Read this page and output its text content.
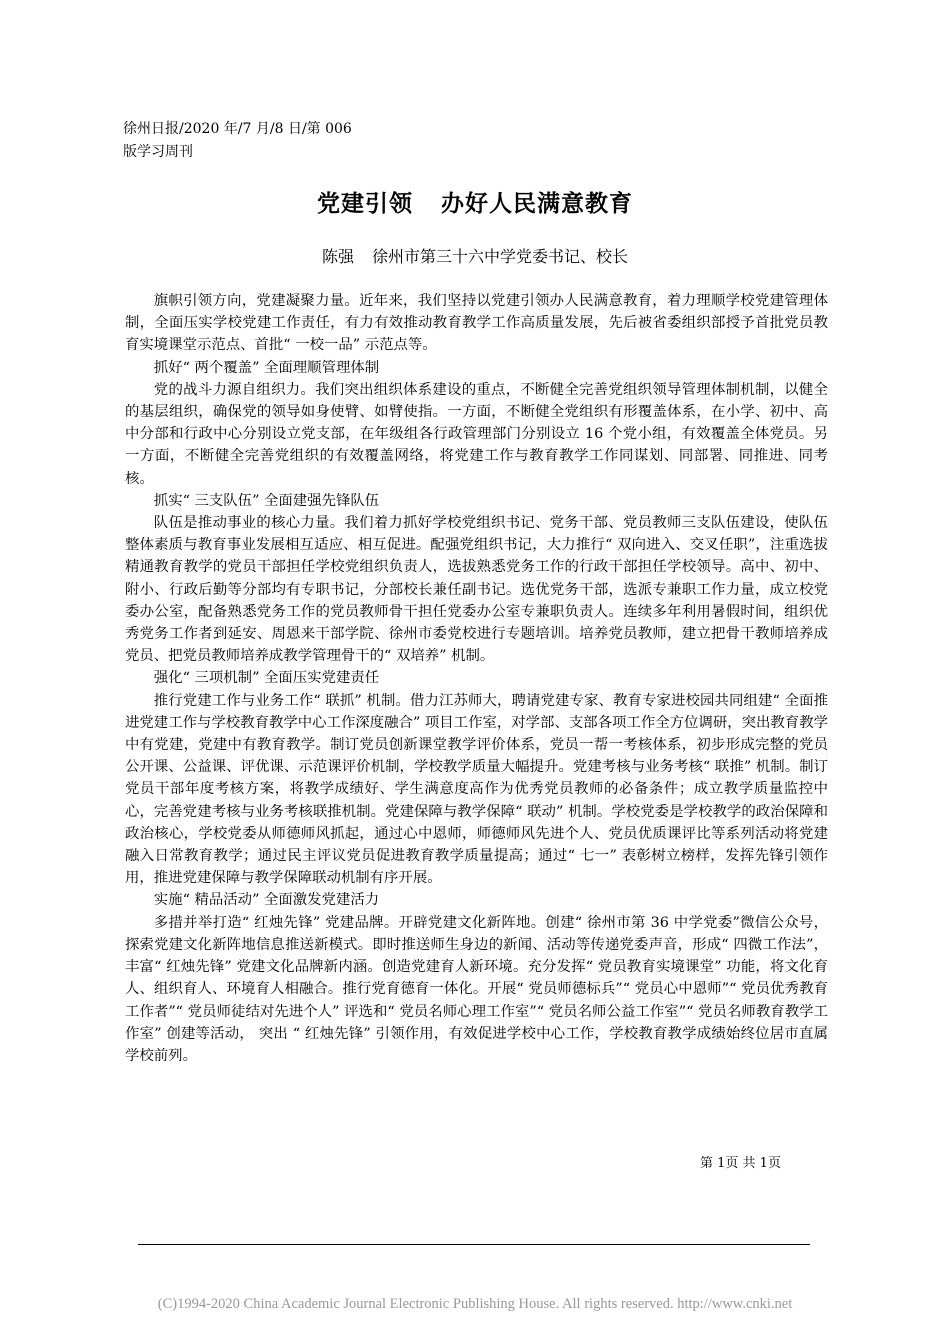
徐州日报/2020 年/7 月/8 日/第 006
版学习周刊
党建引领 办好人民满意教育
陈强 徐州市第三十六中学党委书记、校长

旗帜引领方向，党建凝聚力量。近年来，我们坚持以党建引领办人民满意教育，着力理顺学校党建管理体制，全面压实学校党建工作责任，有力有效推动教育教学工作高质量发展，先后被省委组织部授予首批党员教育实境课堂示范点、首批“ 一校一品” 示范点等。

抓好“ 两个覆盖” 全面理顺管理体制

党的战斗力源自组织力。我们突出组织体系建设的重点，不断健全完善党组织领导管理体制机制，以健全的基层组织，确保党的领导如身使臂、如臂使指。一方面，不断健全党组织有形覆盖体系，在小学、初中、高中分部和行政中心分别设立党支部，在年级组各行政管理部门分别设立 16 个党小组，有效覆盖全体党员。另一方面，不断健全完善党组织的有效覆盖网络，将党建工作与教育教学工作同谋划、同部署、同推进、同考核。

抓实“ 三支队伍” 全面建强先锋队伍

队伍是推动事业的核心力量。我们着力抓好学校党组织书记、党务干部、党员教师三支队伍建设，使队伍整体素质与教育事业发展相互适应、相互促进。配强党组织书记，大力推行“ 双向进入、交叉任职”，注重选拔精通教育教学的党员干部担任学校党组织负责人，选拔熟悉党务工作的行政干部担任学校领导。高中、初中、附小、行政后勤等分部均有专职书记，分部校长兼任副书记。选优党务干部，选派专兼职工作力量，成立校党委办公室，配备熟悉党务工作的党员教师骨干担任党委办公室专兼职负责人。连续多年利用暑假时间，组织优秀党务工作者到延安、周恩来干部学院、徐州市委党校进行专题培训。培养党员教师，建立把骨干教师培养成党员、把党员教师培养成教学管理骨干的“ 双培养” 机制。

强化“ 三项机制” 全面压实党建责任

推行党建工作与业务工作“ 联抓” 机制。借力江苏师大，聘请党建专家、教育专家进校园共同组建“ 全面推进党建工作与学校教育教学中心工作深度融合” 项目工作室，对学部、支部各项工作全方位调研，突出教育教学中有党建，党建中有教育教学。制订党员创新课堂教学评价体系，党员一帮一考核体系，初步形成完整的党员公开课、公益课、评优课、示范课评价机制，学校教学质量大幅提升。党建考核与业务考核“ 联推” 机制。制订党员干部年度考核方案，将教学成绩好、学生满意度高作为优秀党员教师的必备条件；成立教学质量监控中心，完善党建考核与业务考核联推机制。党建保障与教学保障“ 联动” 机制。学校党委是学校教学的政治保障和政治核心，学校党委从师德师风抓起，通过心中恩师，师德师风先进个人、党员优质课评比等系列活动将党建融入日常教育教学；通过民主评议党员促进教育教学质量提高；通过“ 七一” 表彰树立榜样，发挥先锋引领作用，推进党建保障与教学保障联动机制有序开展。

实施“ 精品活动” 全面激发党建活力

多措并举打造“ 红烛先锋” 党建品牌。开辟党建文化新阵地。创建“ 徐州市第 36 中学党委”微信公众号，探索党建文化新阵地信息推送新模式。即时推送师生身边的新闻、活动等传递党委声音，形成“ 四微工作法”，丰富“ 红烛先锋” 党建文化品牌新内涵。创造党建育人新环境。充分发挥“ 党员教育实境课堂” 功能，将文化育人、组织育人、环境育人相融合。推行党育德育一体化。开展“ 党员师德标兵”“ 党员心中恩师”“ 党员优秀教育工作者”“ 党员师徒结对先进个人” 评选和“ 党员名师心理工作室”“ 党员名师公益工作室”“ 党员名师教育教学工作室” 创建等活动， 突出 “ 红烛先锋” 引领作用，有效促进学校中心工作，学校教育教学成绩始终位居市直属学校前列。

第 1页 共 1页
(C)1994-2020 China Academic Journal Electronic Publishing House. All rights reserved. http://www.cnki.net
